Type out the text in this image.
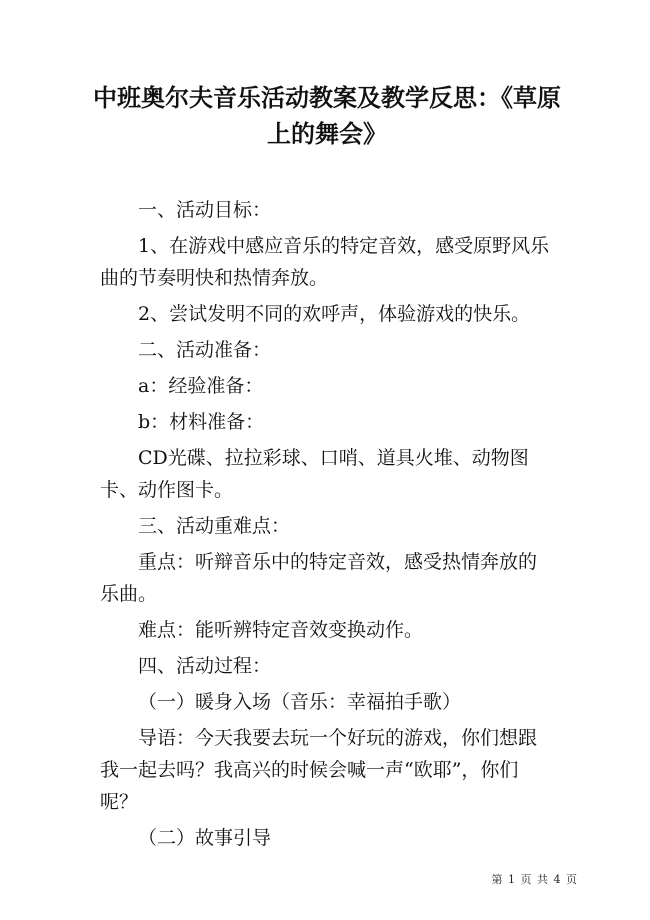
中班奥尔夫音乐活动教案及教学反思：《草原上的舞会》

一、活动目标：

1、在游戏中感应音乐的特定音效，感受原野风乐曲的节奏明快和热情奔放。

2、尝试发明不同的欢呼声，体验游戏的快乐。

二、活动准备：

a：经验准备：

b：材料准备：

CD光碟、拉拉彩球、口哨、道具火堆、动物图卡、动作图卡。

三、活动重难点：

重点：听辩音乐中的特定音效，感受热情奔放的乐曲。

难点：能听辨特定音效变换动作。

四、活动过程：

（一）暖身入场（音乐：幸福拍手歌）

导语：今天我要去玩一个好玩的游戏，你们想跟我一起去吗？我高兴的时候会喊一声“欧耶”，你们呢？

（二）故事引导

第 1 页 共 4 页
